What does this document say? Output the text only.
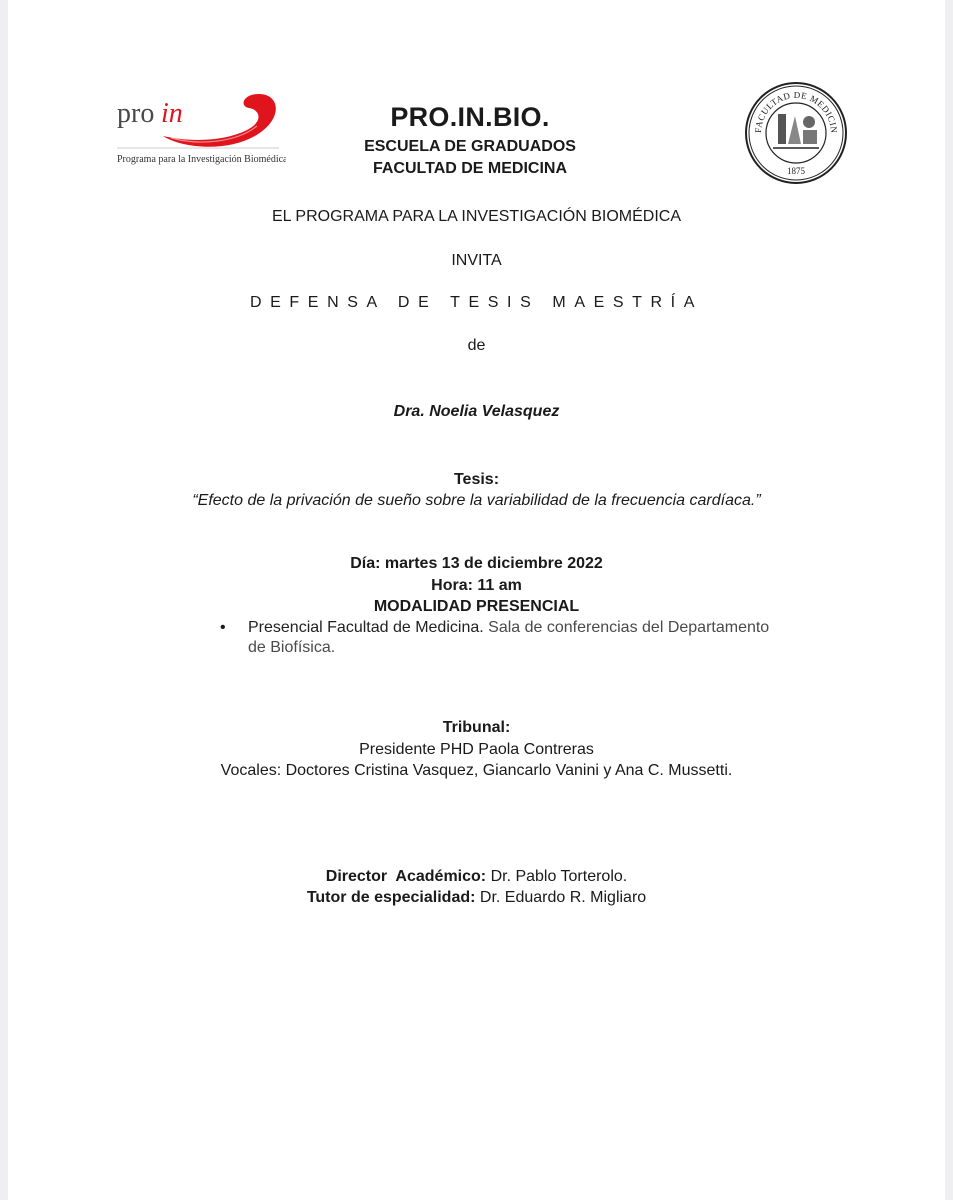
pro in bio
Programa para la Investigación Biomédica
PRO.IN.BIO.
ESCUELA DE GRADUADOS
FACULTAD DE MEDICINA
FACULTAD DE MEDICIN
1875
EL PROGRAMA PARA LA INVESTIGACIÓN BIOMÉDICA
INVITA
DEFENSA DE TESIS MAESTRÍA
de
Dra. Noelia Velasquez
Tesis:
“Efecto de la privación de sueño sobre la variabilidad de la frecuencia cardíaca.”
Día: martes 13 de diciembre 2022
Hora: 11 am
MODALIDAD PRESENCIAL
•	Presencial Facultad de Medicina. Sala de conferencias del Departamento
de Biofísica.
Tribunal:
Presidente PHD Paola Contreras
Vocales: Doctores Cristina Vasquez, Giancarlo Vanini y Ana C. Mussetti.
Director  Académico: Dr. Pablo Torterolo.
Tutor de especialidad: Dr. Eduardo R. Migliaro
